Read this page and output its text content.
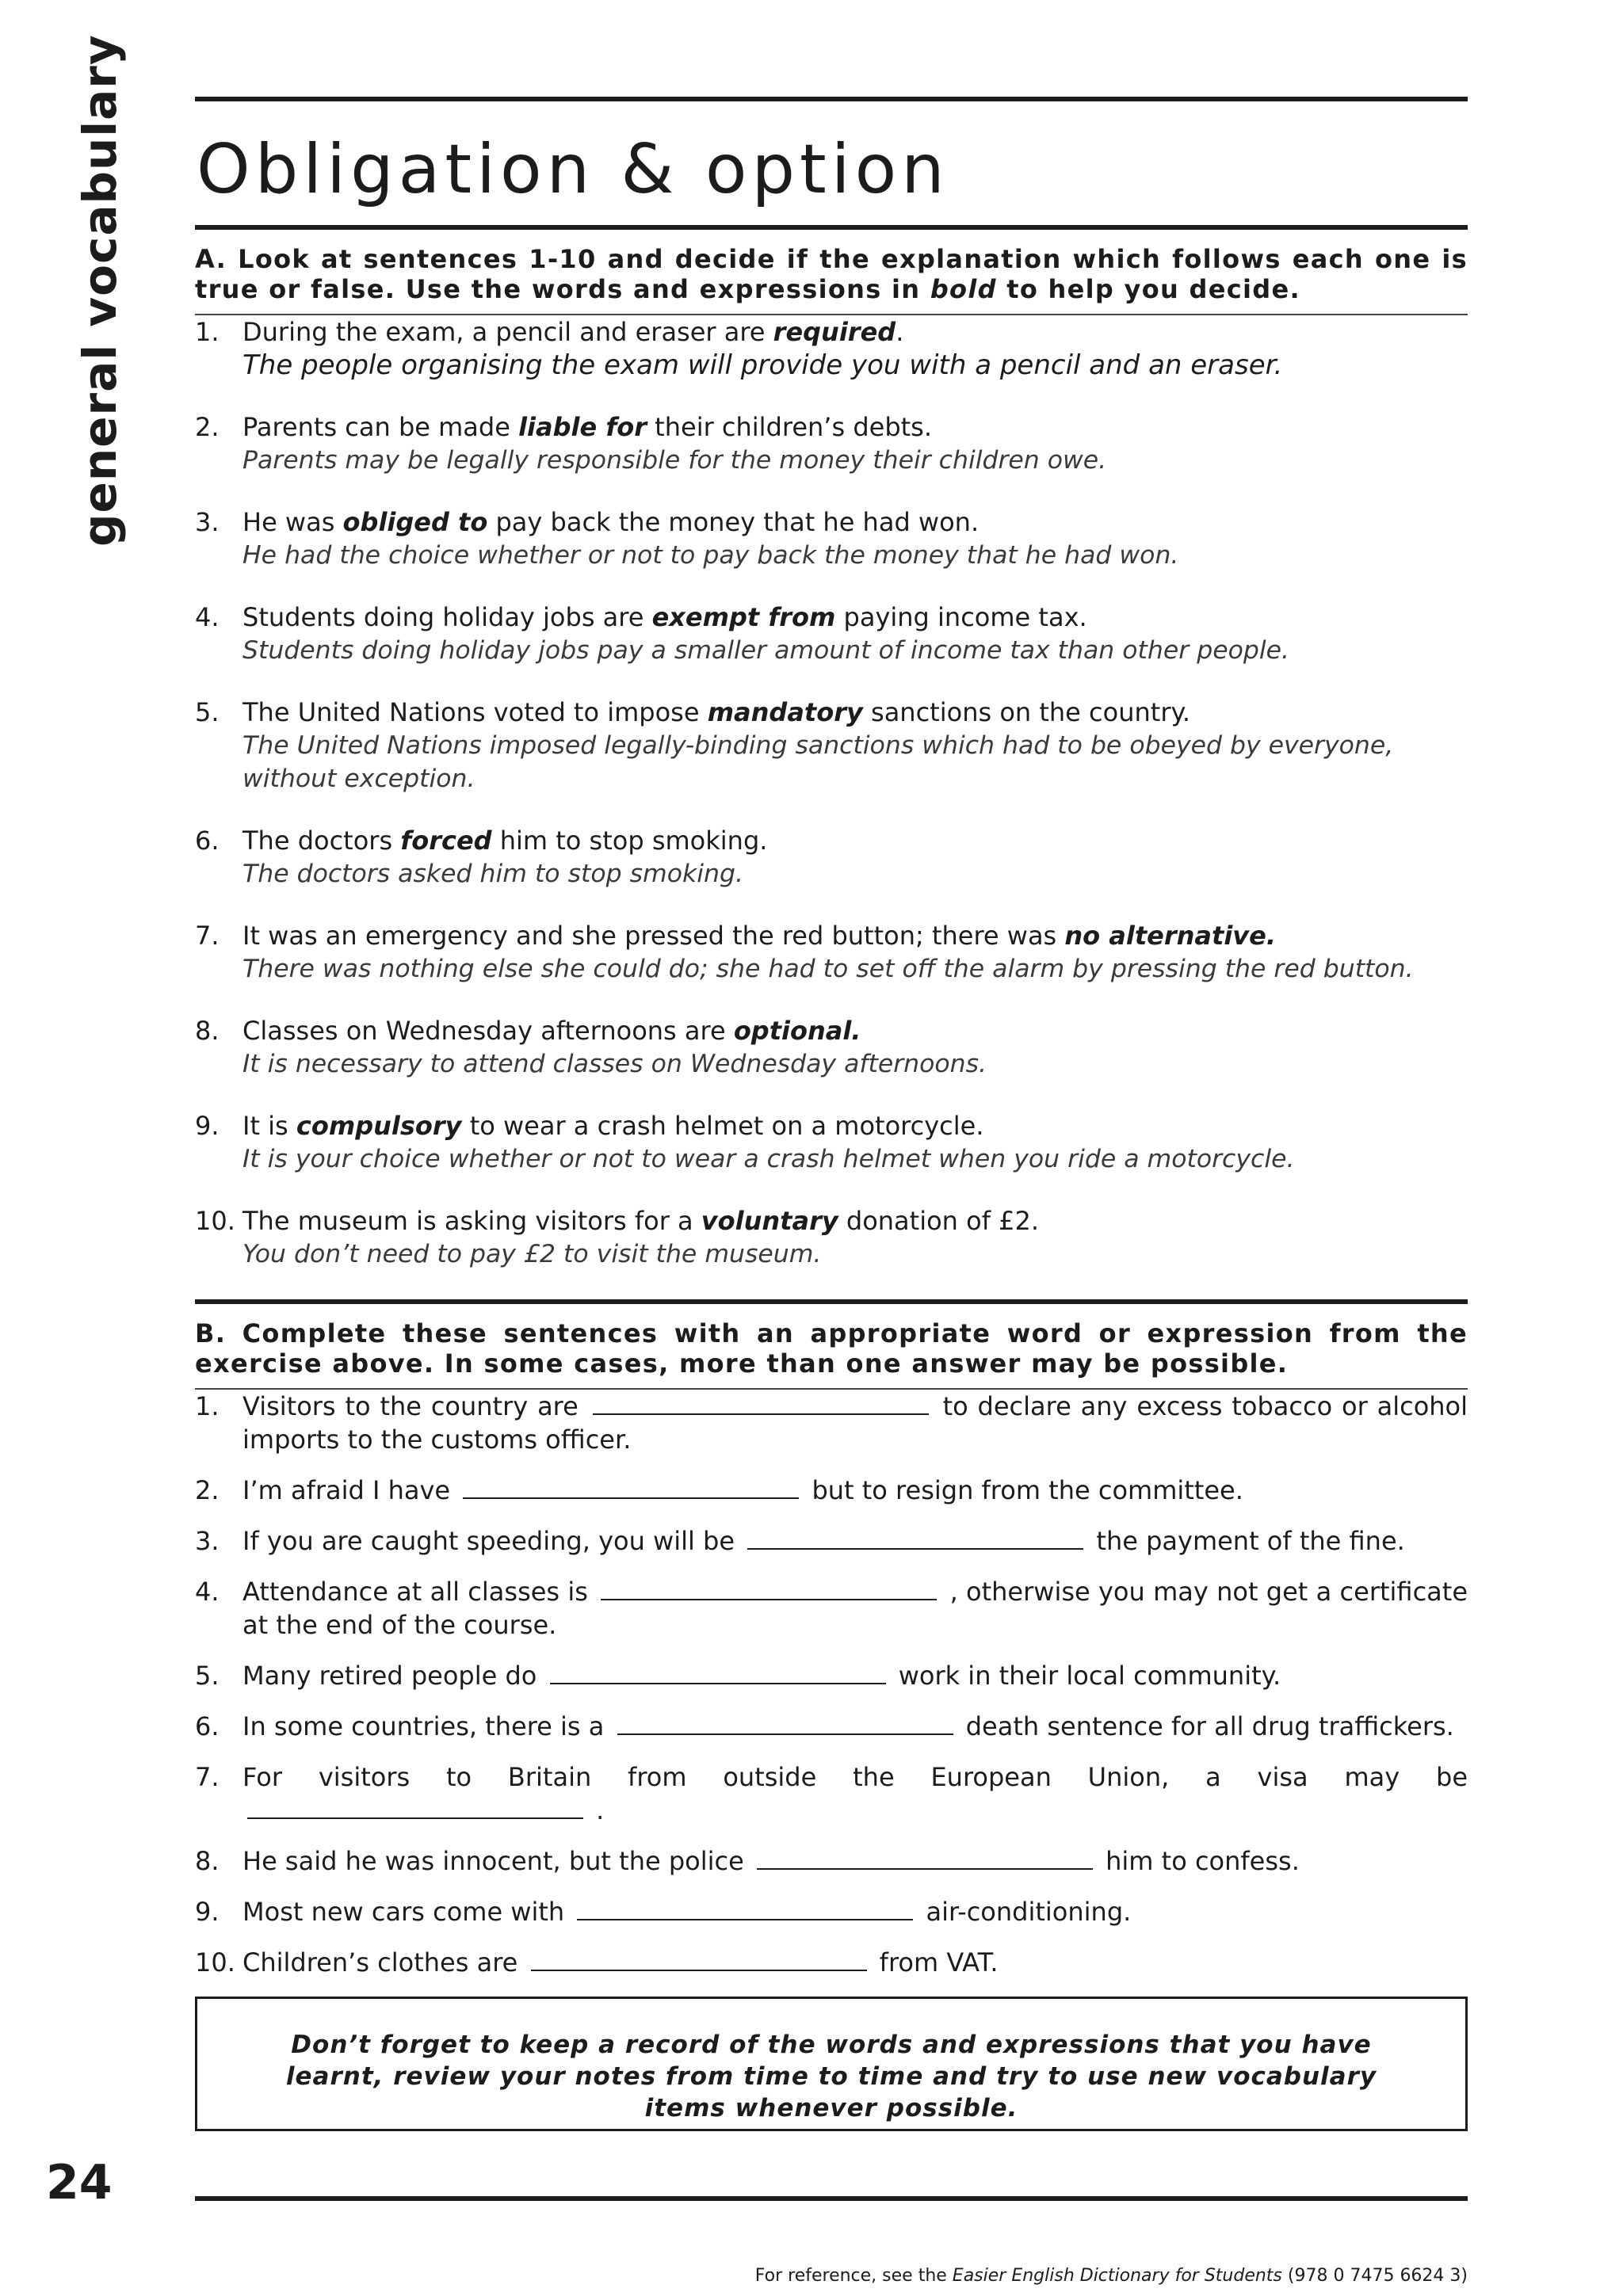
general vocabulary
24
Obligation & option
A. Look at sentences 1-10 and decide if the explanation which follows each one is true or false. Use the words and expressions in bold to help you decide.
1. During the exam, a pencil and eraser are required.
The people organising the exam will provide you with a pencil and an eraser.
2. Parents can be made liable for their children’s debts.
Parents may be legally responsible for the money their children owe.
3. He was obliged to pay back the money that he had won.
He had the choice whether or not to pay back the money that he had won.
4. Students doing holiday jobs are exempt from paying income tax.
Students doing holiday jobs pay a smaller amount of income tax than other people.
5. The United Nations voted to impose mandatory sanctions on the country.
The United Nations imposed legally-binding sanctions which had to be obeyed by everyone, without exception.
6. The doctors forced him to stop smoking.
The doctors asked him to stop smoking.
7. It was an emergency and she pressed the red button; there was no alternative.
There was nothing else she could do; she had to set off the alarm by pressing the red button.
8. Classes on Wednesday afternoons are optional.
It is necessary to attend classes on Wednesday afternoons.
9. It is compulsory to wear a crash helmet on a motorcycle.
It is your choice whether or not to wear a crash helmet when you ride a motorcycle.
10. The museum is asking visitors for a voluntary donation of £2.
You don’t need to pay £2 to visit the museum.
B. Complete these sentences with an appropriate word or expression from the exercise above. In some cases, more than one answer may be possible.
1. Visitors to the country are	to declare any excess tobacco or alcohol imports to the customs officer.
2. I’m afraid I have	but to resign from the committee.
3. If you are caught speeding, you will be	the payment of the fine.
4. Attendance at all classes is	, otherwise you may not get a certificate at the end of the course.
5. Many retired people do	work in their local community.
6. In some countries, there is a	death sentence for all drug traffickers.
7. For visitors to Britain from outside the European Union, a visa may be  .
8. He said he was innocent, but the police	him to confess.
9. Most new cars come with	air-conditioning.
10. Children’s clothes are	from VAT.
Don’t forget to keep a record of the words and expressions that you have learnt, review your notes from time to time and try to use new vocabulary items whenever possible.
For reference, see the Easier English Dictionary for Students (978 0 7475 6624 3)
